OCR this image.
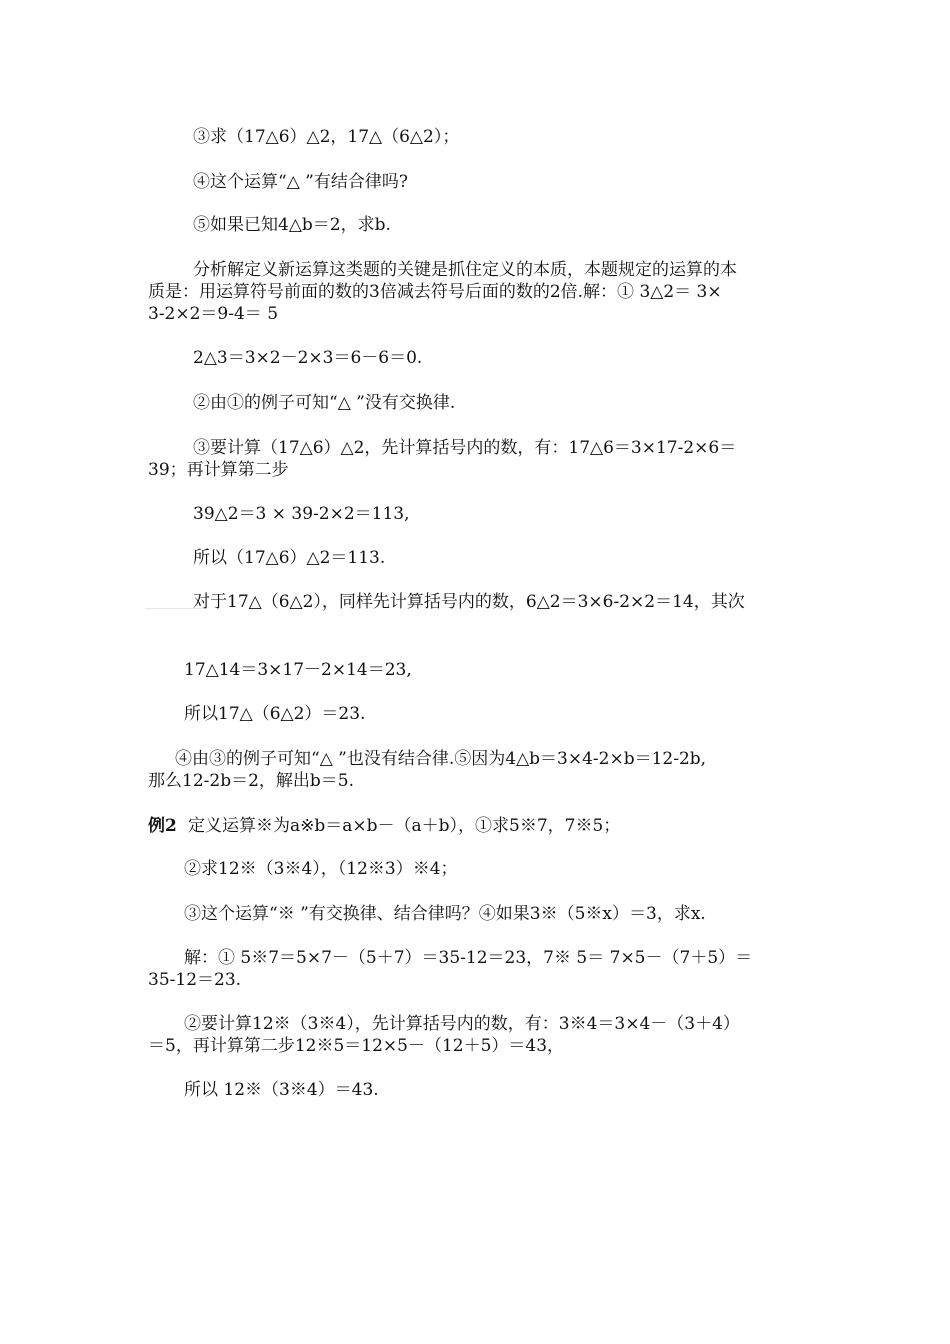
③求（17△6）△2，17△（6△2）；
④这个运算“△ ”有结合律吗?
⑤如果已知4△b＝2，求b.
分析解定义新运算这类题的关键是抓住定义的本质，本题规定的运算的本
质是：用运算符号前面的数的3倍减去符号后面的数的2倍.解：① 3△2＝ 3×
3-2×2＝9-4＝ 5
2△3＝3×2－2×3＝6－6＝0.
②由①的例子可知“△ ”没有交换律.
③要计算（17△6）△2，先计算括号内的数，有：17△6＝3×17-2×6＝
39；再计算第二步
39△2＝3 × 39-2×2＝113,
所以（17△6）△2＝113.
对于17△（6△2），同样先计算括号内的数，6△2＝3×6-2×2＝14，其次
17△14＝3×17－2×14＝23,
所以17△（6△2）＝23.
④由③的例子可知“△ ”也没有结合律.⑤因为4△b＝3×4-2×b＝12-2b,
那么12-2b＝2，解出b＝5.
例2 定义运算※为a※b＝a×b－（a＋b），①求5※7，7※5；
②求12※（3※4），（12※3）※4；
③这个运算“※ ”有交换律、结合律吗？④如果3※（5※x）＝3，求x.
解：① 5※7＝5×7－（5＋7）＝35-12＝23，7※ 5＝ 7×5－（7＋5）＝
35-12＝23.
②要计算12※（3※4），先计算括号内的数，有：3※4＝3×4－（3＋4）
＝5，再计算第二步12※5＝12×5－（12＋5）＝43，
所以 12※（3※4）＝43.
